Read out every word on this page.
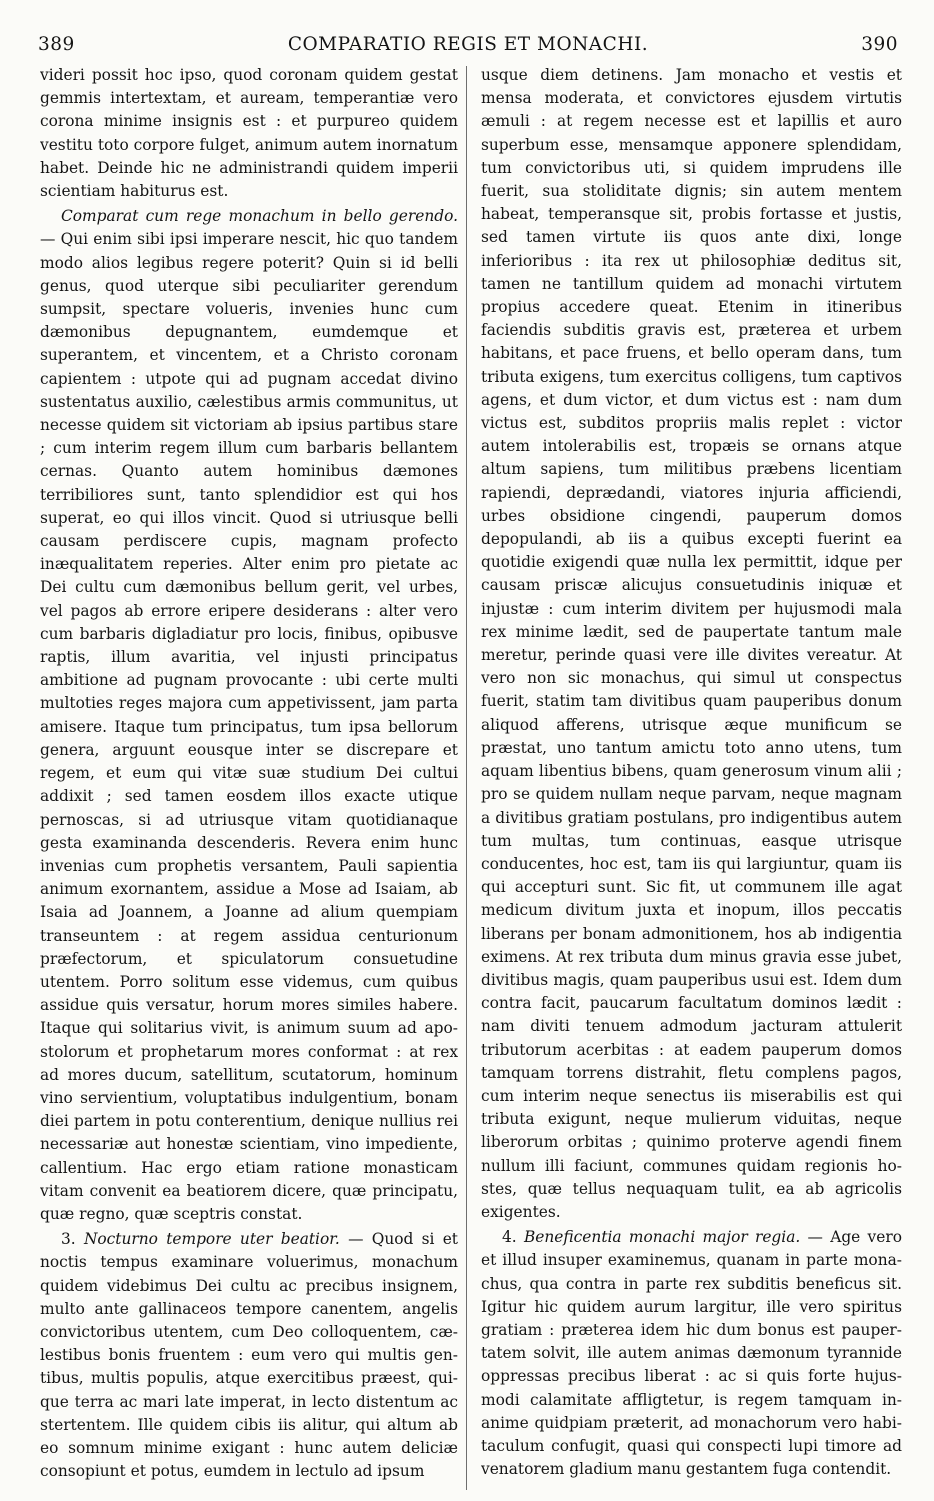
389	COMPARATIO REGIS ET MONACHI.	390

videri possit hoc ipso, quod coronam quidem gestat gemmis intertextam, et auream, temperantiæ vero corona minime insignis est : et purpureo quidem vestitu toto corpore fulget, animum autem inornatum habet. Deinde hic ne administrandi quidem imperii scientiam habiturus est.

Comparat cum rege monachum in bello gerendo. — Qui enim sibi ipsi imperare nescit, hic quo tandem modo alios legibus regere poterit? Quin si id belli genus, quod uterque sibi peculiariter gerendum sumpsit, spectare volueris, invenies hunc cum dæmonibus depugnantem, eumdemque et superantem, et vincentem, et a Christo coronam capientem : utpote qui ad pugnam accedat divino sustentatus auxilio, cælestibus armis communitus, ut necesse quidem sit victoriam ab ipsius partibus stare ; cum interim regem illum cum barbaris bellantem cernas. Quanto autem hominibus dæmones terribiliores sunt, tanto splendidior est qui hos superat, eo qui illos vincit. Quod si utriusque belli causam perdiscere cupis, magnam profecto inæqualitatem reperies. Alter enim pro pietate ac Dei cultu cum dæmonibus bellum gerit, vel urbes, vel pagos ab errore eripere desiderans : alter vero cum barbaris digladiatur pro locis, finibus, opibusve raptis, illum avaritia, vel injusti principatus ambitione ad pugnam provocante : ubi certe multi multoties reges majora cum appetivissent, jam parta amisere. Itaque tum principatus, tum ipsa bellorum genera, arguunt eousque inter se discrepare et regem, et eum qui vitæ suæ studium Dei cultui addixit ; sed tamen eosdem illos exacte utique pernoscas, si ad utriusque vitam quotidianaque gesta examinanda descenderis. Revera enim hunc invenias cum prophetis versantem, Pauli sapientia animum exornantem, assidue a Mose ad Isaiam, ab Isaia ad Joannem, a Joanne ad alium quempiam transeuntem : at regem assidua centurionum præfectorum, et spiculatorum consuetudine utentem. Porro solitum esse videmus, cum quibus assidue quis versatur, horum mores similes habere. Itaque qui solitarius vivit, is animum suum ad apostolorum et prophetarum mores conformat : at rex ad mores ducum, satellitum, scutatorum, hominum vino servientium, voluptatibus indulgentium, bonam diei partem in potu conterentium, denique nullius rei necessariæ aut honestæ scientiam, vino impediente, callentium. Hac ergo etiam ratione monasticam vitam convenit ea beatiorem dicere, quæ principatu, quæ regno, quæ sceptris constat.

3. Nocturno tempore uter beatior. — Quod si et noctis tempus examinare voluerimus, monachum quidem videbimus Dei cultu ac precibus insignem, multo ante gallinaceos tempore canentem, angelis convictoribus utentem, cum Deo colloquentem, cælestibus bonis fruentem : eum vero qui multis gentibus, multis populis, atque exercitibus præest, quique terra ac mari late imperat, in lecto distentum ac stertentem. Ille quidem cibis iis alitur, qui altum ab eo somnum minime exigant : hunc autem deliciæ consopiunt et potus, eumdem in lectulo ad ipsum

usque diem detinens. Jam monacho et vestis et mensa moderata, et convictores ejusdem virtutis æmuli : at regem necesse est et lapillis et auro superbum esse, mensamque apponere splendidam, tum convictoribus uti, si quidem imprudens ille fuerit, sua stoliditate dignis; sin autem mentem habeat, temperansque sit, probis fortasse et justis, sed tamen virtute iis quos ante dixi, longe inferioribus : ita rex ut philosophiæ deditus sit, tamen ne tantillum quidem ad monachi virtutem propius accedere queat. Etenim in itineribus faciendis subditis gravis est, præterea et urbem habitans, et pace fruens, et bello operam dans, tum tributa exigens, tum exercitus colligens, tum captivos agens, et dum victor, et dum victus est : nam dum victus est, subditos propriis malis replet : victor autem intolerabilis est, tropæis se ornans atque altum sapiens, tum militibus præbens licentiam rapiendi, deprædandi, viatores injuria afficiendi, urbes obsidione cingendi, pauperum domos depopulandi, ab iis a quibus excepti fuerint ea quotidie exigendi quæ nulla lex permittit, idque per causam priscæ alicujus consuetudinis iniquæ et injustæ : cum interim divitem per hujusmodi mala rex minime lædit, sed de paupertate tantum male meretur, perinde quasi vere ille divites vereatur. At vero non sic monachus, qui simul ut conspectus fuerit, statim tam divitibus quam pauperibus donum aliquod afferens, utrisque æque munificum se præstat, uno tantum amictu toto anno utens, tum aquam libentius bibens, quam generosum vinum alii ; pro se quidem nullam neque parvam, neque magnam a divitibus gratiam postulans, pro indigentibus autem tum multas, tum continuas, easque utrisque conducentes, hoc est, tam iis qui largiuntur, quam iis qui accepturi sunt. Sic fit, ut communem ille agat medicum divitum juxta et inopum, illos peccatis liberans per bonam admonitionem, hos ab indigentia eximens. At rex tributa dum minus gravia esse jubet, divitibus magis, quam pauperibus usui est. Idem dum contra facit, paucarum facultatum dominos lædit : nam diviti tenuem admodum jacturam attulerit tributorum acerbitas : at eadem pauperum domos tamquam torrens distrahit, fletu complens pagos, cum interim neque senectus iis miserabilis est qui tributa exigunt, neque mulierum viduitas, neque liberorum orbitas ; quinimo proterve agendi finem nullum illi faciunt, communes quidam regionis hostes, quæ tellus nequaquam tulit, ea ab agricolis exigentes.

4. Beneficentia monachi major regia. — Age vero et illud insuper examinemus, quanam in parte monachus, qua contra in parte rex subditis beneficus sit. Igitur hic quidem aurum largitur, ille vero spiritus gratiam : præterea idem hic dum bonus est paupertatem solvit, ille autem animas dæmonum tyrannide oppressas precibus liberat : ac si quis forte hujusmodi calamitate affligtetur, is regem tamquam inanime quidpiam præterit, ad monachorum vero habitaculum confugit, quasi qui conspecti lupi timore ad venatorem gladium manu gestantem fuga contendit.
